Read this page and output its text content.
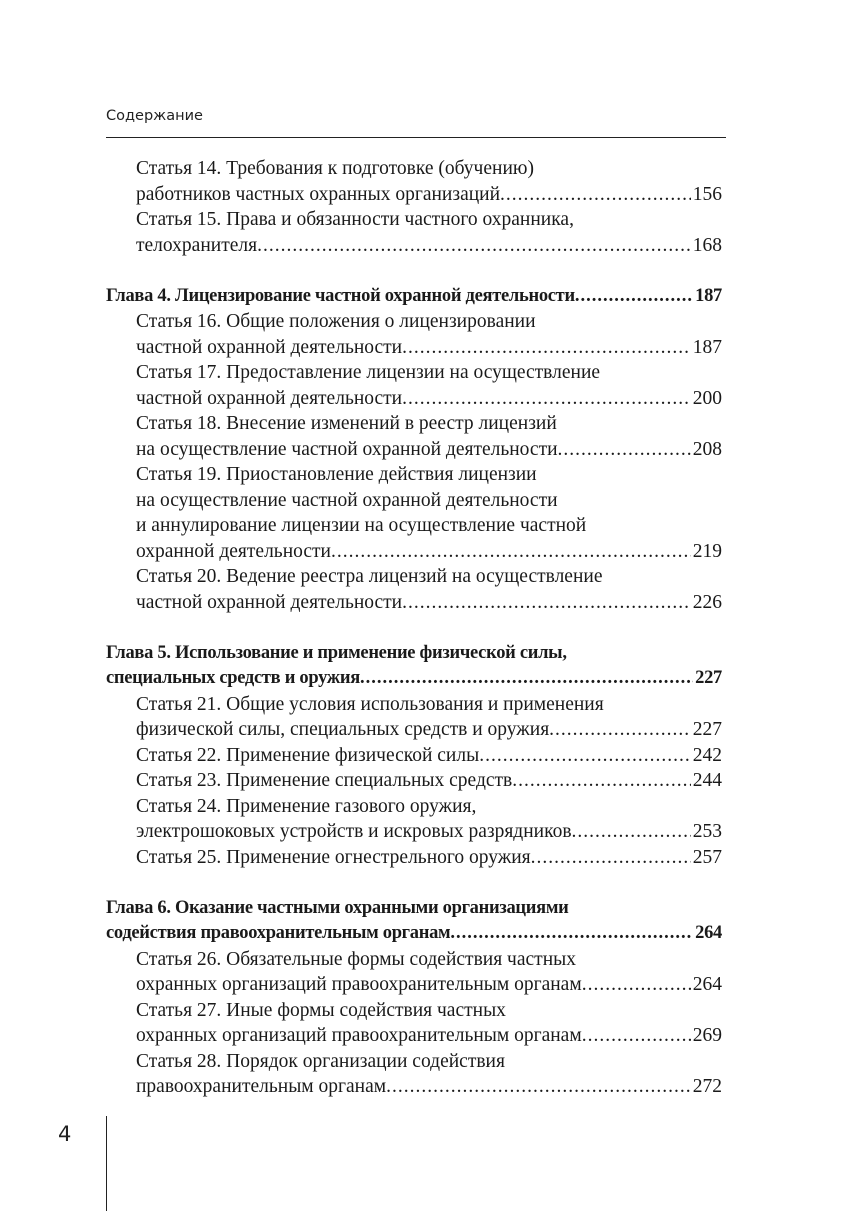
Содержание
Статья 14. Требования к подготовке (обучению)
работников частных охранных организаций .....	156
Статья 15. Права и обязанности частного охранника,
телохранителя .....	168
Глава 4. Лицензирование частной охранной деятельности .....	187
Статья 16. Общие положения о лицензировании
частной охранной деятельности .....	187
Статья 17. Предоставление лицензии на осуществление
частной охранной деятельности .....	200
Статья 18. Внесение изменений в реестр лицензий
на осуществление частной охранной деятельности .....	208
Статья 19. Приостановление действия лицензии
на осуществление частной охранной деятельности
и аннулирование лицензии на осуществление частной
охранной деятельности .....	219
Статья 20. Ведение реестра лицензий на осуществление
частной охранной деятельности .....	226
Глава 5. Использование и применение физической силы,
специальных средств и оружия .....	227
Статья 21. Общие условия использования и применения
физической силы, специальных средств и оружия .....	227
Статья 22. Применение физической силы .....	242
Статья 23. Применение специальных средств .....	244
Статья 24. Применение газового оружия,
электрошоковых устройств и искровых разрядников .....	253
Статья 25. Применение огнестрельного оружия .....	257
Глава 6. Оказание частными охранными организациями
содействия правоохранительным органам .....	264
Статья 26. Обязательные формы содействия частных
охранных организаций правоохранительным органам .....	264
Статья 27. Иные формы содействия частных
охранных организаций правоохранительным органам .....	269
Статья 28. Порядок организации содействия
правоохранительным органам .....	272
4
